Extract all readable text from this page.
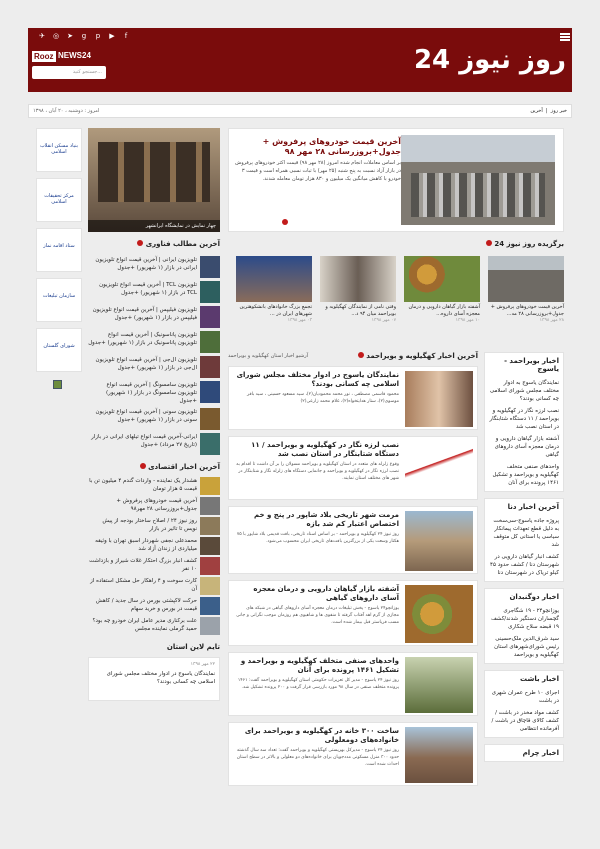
✈ ◎ ➤ g p ▶	f
Rooz NEWS24
جستجو کنید...	روز نیوز 24
خبر روز  |  آخرین
امروز : دوشنبه ، ۲۰ آبان ، ۱۳۹۸
بنیاد مسکن انقلاب اسلامی
مرکز تحقیقات اسلامی
ستاد اقامه نماز
سازمان تبلیغات
شورای گلستان
چهار نمایش در نمایشگاه ایرانشهر
آخرین قیمت خودروهای پرفروش + جدول+بروزرسانی ۲۸ مهر ۹۸
بر اساس معاملات انجام شده امروز (۲۸ مهر ۹۸) قیمت اکثر خودروهای پرفروش در بازار آزاد نسبت به پنج شنبه (۲۵ مهر) با ثبات نسبی همراه است و قیمت ۳ خودرو با کاهش میانگین یک میلیون و ۸۳۰ هزار تومان معامله شدند.
برگزیده روز نیوز 24
آخرین قیمت خودروهای پرفروش + جدول+بروزرسانی ۲۸ مه...
۲۸ مهر ۱۳۹۸
آشفته بازار گیاهان دارویی و درمان معجزه آسای داروه...
۱۰ مهر ۱۳۹۸
وقتی نامی از نمایندگان کهگیلویه و بویراحمد میان ۹۴ د...
۰۷ مهر ۱۳۹۸
تجمع بزرگ خانوادهای بانشکوهترین شهرهای ایران در ...
۰۳ مهر ۱۳۹۸
اخبار بویراحمد - یاسوج
نمایندگان یاسوج به ادوار مختلف مجلس شورای اسلامی چه کسانی بودند؟
نصب لرزه نگار در کهگیلویه و بویراحمد / ۱۱ دستگاه شتابنگار در استان نصب شد
آشفته بازار گیاهان دارویی و درمان معجزه آسای داروهای گیاهی
واحدهای صنفی متخلف کهگیلویه و بویراحمد و تشکیل ۱۴۶۱ پرونده برای آنان
آخرین اخبار دنا
پروژه جاده یاسوج-سی‌سخت به دلیل قطع تعهدات پیمانکار سیاسی یا استانی کل متوقف شد
کشف انبار گیاهان دارویی در شهرستان دنا / کشف حدود ۴۵ کیلو تریاک در شهرستان دنا
اخبار دوگنبدان
یوزانچو۲۴ - ۱۹ شگاجری گچساران دستگیر شدند/کشف ۱۹ قبضه سلاح شکاری
سید شرف‌الدین ملک‌حسینی رئیس شورای‌شهر‌های استان کهگیلویه و بویراحمد
اخبار باشت
اجرای ۱۰ طرح عمران شهری در باشت
کشف مواد مخدر در باشت / کشف کالای قاچاق در باشت / آفرمانده انتظامی
اخبار چرام
آرشیو اخبار استان کهگیلویه و بویراحمد	آخرین اخبار کهگیلویه و بویراحمد
نمایندگان یاسوج در ادوار مختلف مجلس شورای اسلامی چه کسانی بودند؟
محمود قاسمی مصطفی ، نور محمد محمودیان(۲)، سید مسعود حسینی ، سید باقر موسوی(۲)، ستار هدایتخواه(۲)، غلام محمد زارعی(۲)
نصب لرزه نگار در کهگیلویه و بویراحمد / ۱۱ دستگاه شتابنگار در استان نصب شد
وقوع زلزله های متعدد در استان کهگیلویه و بویراحمد مسولان را بر آن داشت تا اقدام به نصب لرزه نگار در کهگیلویه و بویراحمد و جانمایی دستگاه های زلزله نگار و شتابنگار در شهر های مختلف استان نمایند.
مرمت شهر تاریخی بلاد شاپور در پنج و خم اختصاص اعتبار کم شد بازه
روز نیوز ۲۴ کهگیلویه و بویراحمد - بر اساس اسناد تاریخی، بافت قدیمی بلاد شاپور با ۷۵ هکتار وسعت یکی از بزرگترین بافت‌های تاریخی ایران محسوب می‌شود.
آشفته بازار گیاهان دارویی و درمان معجزه آسای داروهای گیاهی
یوزانچو۲۴ یاسوج - پخش تبلیغات درمان معجزه آسای داروهای گیاهی در شبکه های مجازی از گرم اهد آفتاب گرفته تا منفوی ها و شاهیوی هم روزمان موجب نگرانی و جانی مسب فریاستر قبل بیمار شده است.
واحدهای صنفی متخلف کهگیلویه و بویراحمد و تشکیل ۱۴۶۱ پرونده برای آنان
روز نیوز ۲۴ یاسوج - مدیر کل تعزیرات حکومتی استان کهگیلویه و بویراحمد گفت: ۱۴۶۱ پرونده متخلف صنفی در سال ۹۸ مورد بازرسی قرار گرفت و ۲۰۰ پرونده تشکیل شد.
ساخت ۳۰۰ خانه در کهگیلویه و بویراحمد برای خانواده‌های دومعلولی
روز نیوز ۲۴ یاسوج - مدیرکل بهزیستی کهگیلویه و بویراحمد گفت: تعداد سه سال گذشته حدود ۳۰۰ منزل مسکونی مددجویان برای خانواده‌های دو معلولی و بالاتر در سطح استان احداث شده است.
آخرین مطالب فناوری
تلویزیون ایرانی | آخرین قیمت انواع تلویزیون ایرانی در بازار (۱ شهریور) +جدول
تلویزیون TCL | آخرین قیمت انواع تلویزیون TCL در بازار (۱ شهریور) +جدول
تلویزیون فیلیپس | آخرین قیمت انواع تلویزیون فیلیپس در بازار (۱ شهریور) +جدول
تلویزیون پاناسونیک | آخرین قیمت انواع تلویزیون پاناسونیک در بازار (۱ شهریور) +جدول
تلویزیون ال‌جی | آخرین قیمت انواع تلویزیون ال‌جی در بازار (۱ شهریور) +جدول
تلویزیون سامسونگ | آخرین قیمت انواع تلویزیون سامسونگ در بازار (۱ شهریور) +جدول
تلویزیون سونی | آخرین قیمت انواع تلویزیون سونی در بازار (۱ شهریور) +جدول
ایرانی-آخرین قیمت انواع تیلهای ایرانی در بازار (تاریخ ۲۷ مرداد) +جدول
آخرین اخبار اقتصادی
هشدار یک نماینده - واردات گندم ۴ میلیون تن با قیمت ۵ هزار تومان
آخرین قیمت خودروهای پرفروش + جدول+بروزرسانی ۲۸ مهر۹۸
روز نیوز ۲۴ / اصلاح ساختار بودجه از پیش نویس تا تاثیر در بازار
محمدعلی نجفی شهردار اسبق تهران با وثیقه میلیاردی از زندان آزاد شد
کشف انبار بزرگ احتکار غلات شیراز و بازداشت ۱۰ نفر
کارت سوخت و ۴ راهکار حل مشکل استفاده از آن
حرکت لاکپشتی بورس در سال جدید / کاهش قیمت در بورس و خرید سهام
علت برکناری مدیر عامل ایران خودرو چه بود؟ حمید گرملی نماینده مجلس
تایم لاین استان
۲۲ مهر ۱۳۹۸
نمایندگان یاسوج در ادوار مختلف مجلس شورای اسلامی چه کسانی بودند؟
